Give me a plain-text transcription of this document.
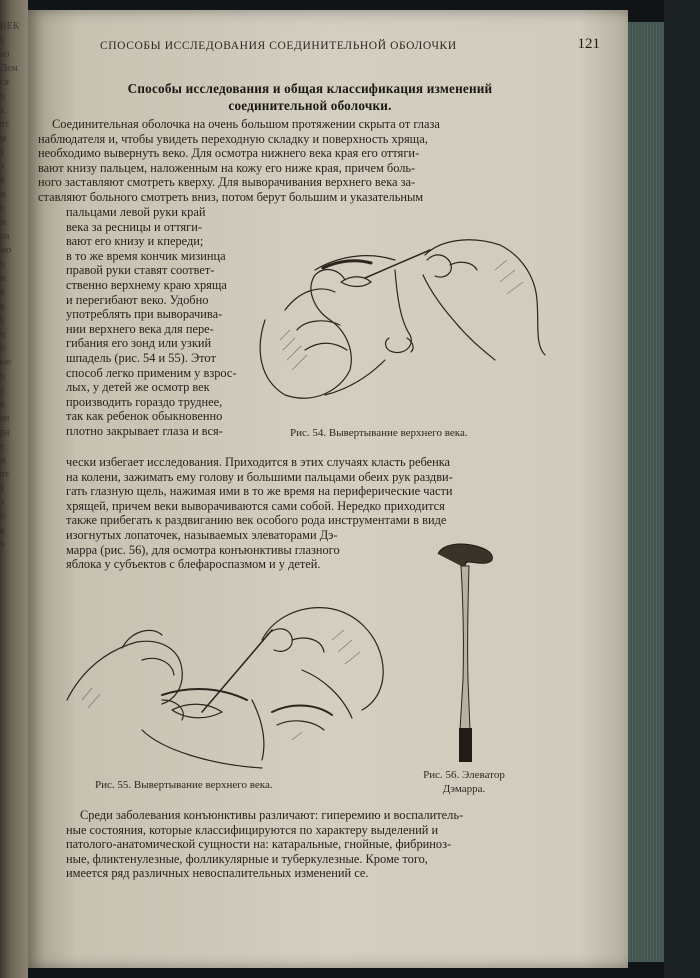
ВЕК
к
ко
Дем
ся
о
к
ет
м
з
з
в
и
о
м
ра
мо
о
и
в
к
к
ц
о
ые
о
у
к
зн
ра
е
и
ет
з
з
о
а
в
СПОСОБЫ ИССЛЕДОВАНИЯ СОЕДИНИТЕЛЬНОЙ ОБОЛОЧКИ	121
Способы исследования и общая классификация изменений
соединительной оболочки.
Соединительная оболочка на очень большом протяжении скрыта от глаза
наблюдателя и, чтобы увидеть переходную складку и поверхность хряща,
необходимо вывернуть веко. Для осмотра нижнего века края его оттяги-
вают книзу пальцем, наложенным на кожу его ниже края, причем боль-
ного заставляют смотреть кверху. Для выворачивания верхнего века за-
ставляют больного смотреть вниз, потом берут большим и указательным
пальцами левой руки край
века за ресницы и оттяги-
вают его книзу и кпереди;
в то же время кончик мизинца
правой руки ставят соответ-
ственно верхнему краю хряща
и перегибают веко. Удобно
употреблять при выворачива-
нии верхнего века для пере-
гибания его зонд или узкий
шпадель (рис. 54 и 55). Этот
способ легко применим у взрос-
лых, у детей же осмотр век
производить гораздо труднее,
так как ребенок обыкновенно
плотно закрывает глаза и вся-	Рис. 54. Вывертывание верхнего века.
чески избегает исследования. Приходится в этих случаях класть ребенка
на колени, зажимать ему голову и большими пальцами обеих рук раздви-
гать глазную щель, нажимая ими в то же время на периферические части
хрящей, причем веки выворачиваются сами собой. Нередко приходится
также прибегать к раздвиганию век особого рода инструментами в виде
изогнутых лопаточек, называемых элеваторами Дэ-
марра (рис. 56), для осмотра конъюнктивы глазного
яблока у субъектов с блефароспазмом и у детей.
Рис. 56. Элеватор
Дэмарра.
Рис. 55. Вывертывание верхнего века.
Среди заболевания конъюнктивы различают: гиперемию и воспалитель-
ные состояния, которые классифицируются по характеру выделений и
патолого-анатомической сущности на: катаральные, гнойные, фибриноз-
ные, фликтенулезные, фолликулярные и туберкулезные. Кроме того,
имеется ряд различных невоспалительных изменений се.
